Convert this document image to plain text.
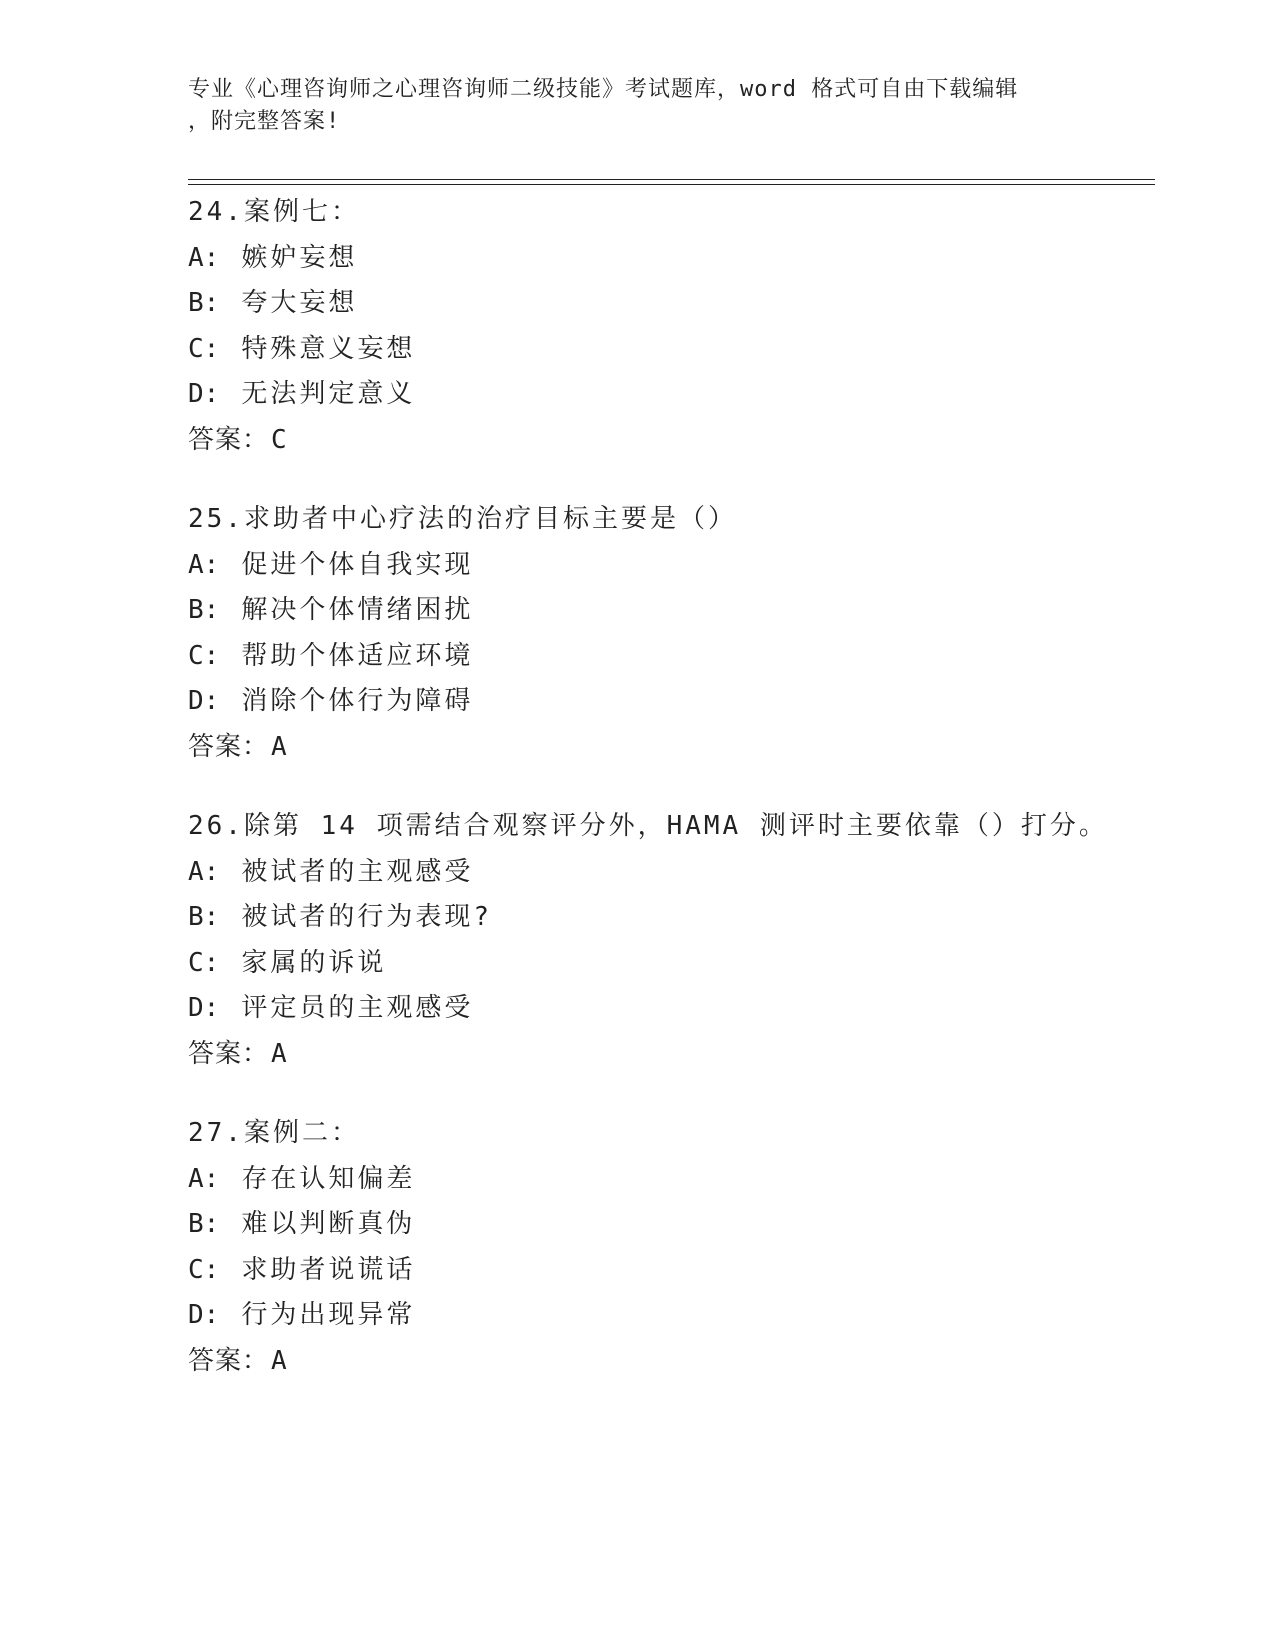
专业《心理咨询师之心理咨询师二级技能》考试题库，word 格式可自由下载编辑
，附完整答案!
24.案例七：
A: 嫉妒妄想
B: 夸大妄想
C: 特殊意义妄想
D: 无法判定意义
答案：C
25.求助者中心疗法的治疗目标主要是（）
A: 促进个体自我实现
B: 解决个体情绪困扰
C: 帮助个体适应环境
D: 消除个体行为障碍
答案：A
26.除第 14 项需结合观察评分外，HAMA 测评时主要依靠（）打分。
A: 被试者的主观感受
B: 被试者的行为表现?
C: 家属的诉说
D: 评定员的主观感受
答案：A
27.案例二：
A: 存在认知偏差
B: 难以判断真伪
C: 求助者说谎话
D: 行为出现异常
答案：A
